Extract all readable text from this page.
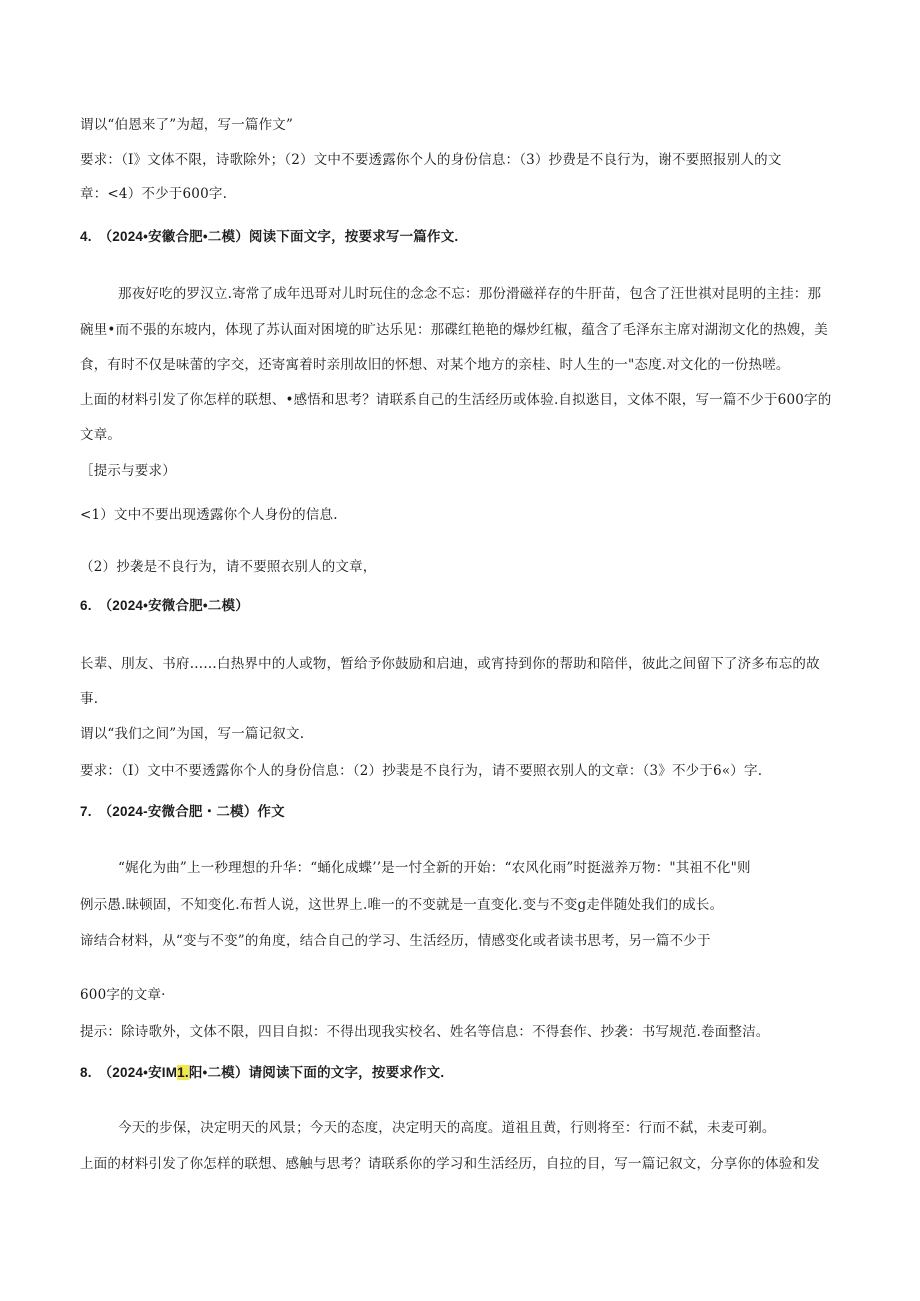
谓以“伯恩来了”为超，写一篇作文”
要求：（I》文体不限，诗歌除外；（2）文中不要透露你个人的身份信息：（3）抄费是不良行为，谢不要照报别人的文
章：<4）不少于600字.
4.　（2024•安徽合肥•二模）阅读下面文字，按要求写一篇作文.
那夜好吃的罗汉立.寄常了成年迅哥对儿时玩住的念念不忘：那份滑磁祥存的牛肝苗，包含了汪世祺对昆明的主挂：那
碗里•而不張的东坡内，体现了苏认面对困境的旷达乐见：那碟红艳艳的爆炒红椒，蕴含了毛泽东主席对湖沏文化的热嫂，美
食，有时不仅是味蕾的字交，还寄寓着时亲刖故旧的怀想、对某个地方的亲桂、时人生的一"态度.对文化的一份热嗟。
上面的材料引发了你怎样的联想、•感悟和思考？请联系自己的生活经历或体验.自拟逖目，文体不限，写一篇不少于600字的
文章。
［提示与要求）
<1）文中不要出现透露你个人身份的信息.
（2）抄袭是不良行为，请不要照衣别人的文章，
6.　（2024•安微合肥•二模）
长辈、刖友、书府……白热界中的人或物，暂给予你鼓励和启迪，或宵持到你的帮助和陪伴，彼此之间留下了济多布忘的故
事.
谓以“我们之间”为国，写一篇记叙文.
要求：（I）文中不要透露你个人的身份信息：（2）抄裴是不良行为，请不要照衣别人的文章：（3》不少于6«）字.
7.　（2024-安微合肥・二模）作文
“娓化为曲”上一秒理想的升华：“蛹化成蝶’’是一忖全新的开始：“农风化雨”时挺滋养万物："其祖不化"则
例示愚.昧顿固，不知变化.布哲人说，这世界上.唯一的不变就是一直变化.变与不变g走伴随处我们的成长。
谛结合材料，从“变与不变”的角度，结合自己的学习、生活经历，情感变化或者读书思考，另一篇不少于
600字的文章·
提示：除诗歌外，文体不限，四目自拟：不得出现我实校名、姓名等信息：不得套作、抄袭：书写规范.卷面整洁。
8.　（2024•安IM1.阳•二模）请阅读下面的文字，按要求作文.
今天的步保，决定明天的风景；今天的态度，决定明天的高度。道祖且黄，行则将至：行而不弑，未麦可剃。
上面的材料引发了你怎样的联想、感触与思考？请联系你的学习和生活经历，自拉的目，写一篇记叙文，分享你的体验和发
